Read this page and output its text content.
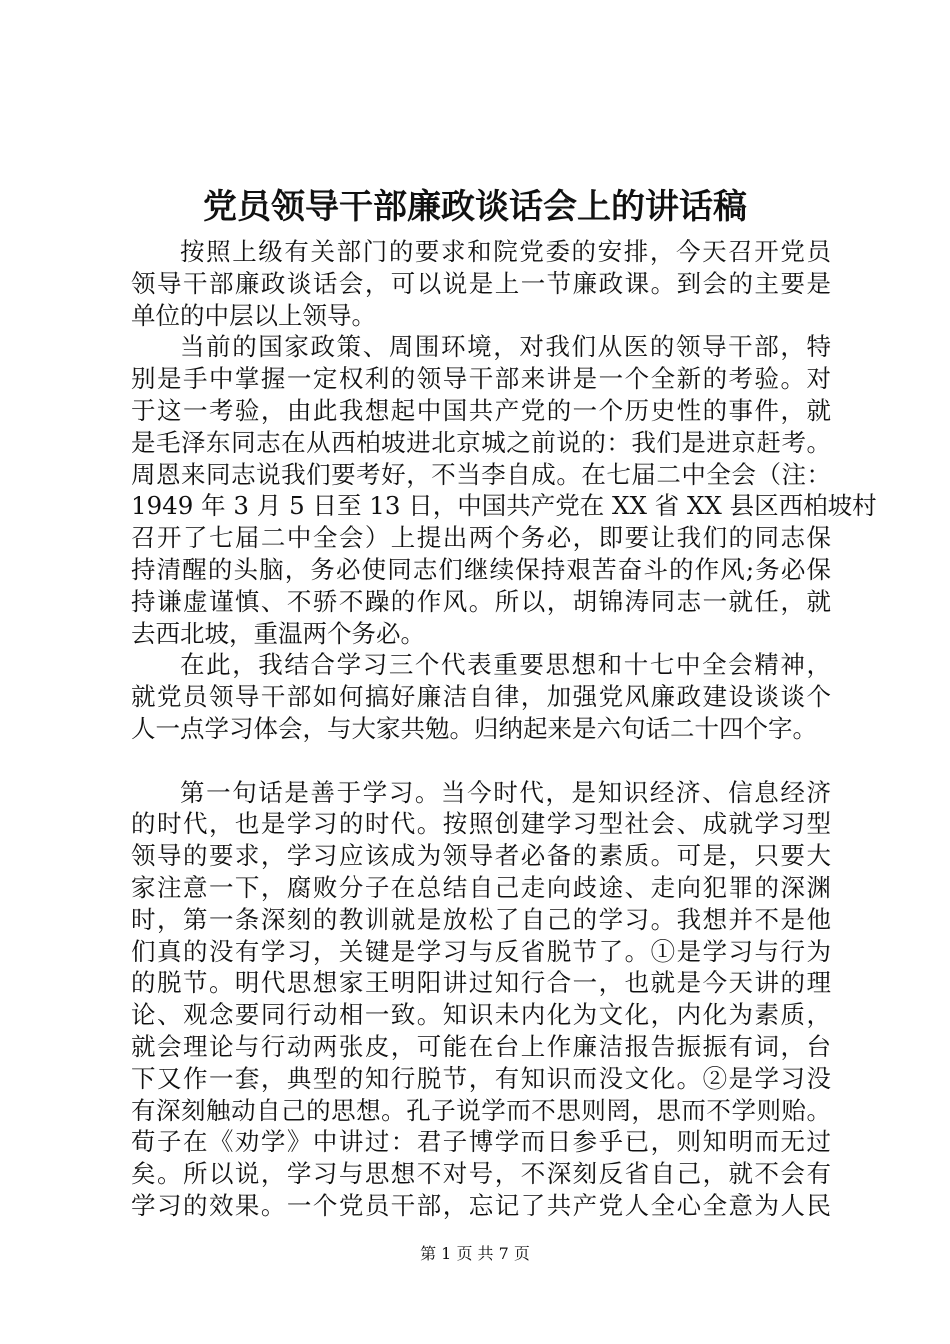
党员领导干部廉政谈话会上的讲话稿
按照上级有关部门的要求和院党委的安排，今天召开党员
领导干部廉政谈话会，可以说是上一节廉政课。到会的主要是
单位的中层以上领导。
当前的国家政策、周围环境，对我们从医的领导干部，特
别是手中掌握一定权利的领导干部来讲是一个全新的考验。对
于这一考验，由此我想起中国共产党的一个历史性的事件，就
是毛泽东同志在从西柏坡进北京城之前说的：我们是进京赶考。
周恩来同志说我们要考好，不当李自成。在七届二中全会（注：
1949 年 3 月 5 日至 13 日，中国共产党在 XX 省 XX 县区西柏坡村
召开了七届二中全会）上提出两个务必，即要让我们的同志保
持清醒的头脑，务必使同志们继续保持艰苦奋斗的作风;务必保
持谦虚谨慎、不骄不躁的作风。所以，胡锦涛同志一就任，就
去西北坡，重温两个务必。
在此，我结合学习三个代表重要思想和十七中全会精神，
就党员领导干部如何搞好廉洁自律，加强党风廉政建设谈谈个
人一点学习体会，与大家共勉。归纳起来是六句话二十四个字。
第一句话是善于学习。当今时代，是知识经济、信息经济
的时代，也是学习的时代。按照创建学习型社会、成就学习型
领导的要求，学习应该成为领导者必备的素质。可是，只要大
家注意一下，腐败分子在总结自己走向歧途、走向犯罪的深渊
时，第一条深刻的教训就是放松了自己的学习。我想并不是他
们真的没有学习，关键是学习与反省脱节了。①是学习与行为
的脱节。明代思想家王明阳讲过知行合一，也就是今天讲的理
论、观念要同行动相一致。知识未内化为文化，内化为素质，
就会理论与行动两张皮，可能在台上作廉洁报告振振有词，台
下又作一套，典型的知行脱节，有知识而没文化。②是学习没
有深刻触动自己的思想。孔子说学而不思则罔，思而不学则贻。
荀子在《劝学》中讲过：君子博学而日参乎已，则知明而无过
矣。所以说，学习与思想不对号，不深刻反省自己，就不会有
学习的效果。一个党员干部，忘记了共产党人全心全意为人民
第 1 页 共 7 页
